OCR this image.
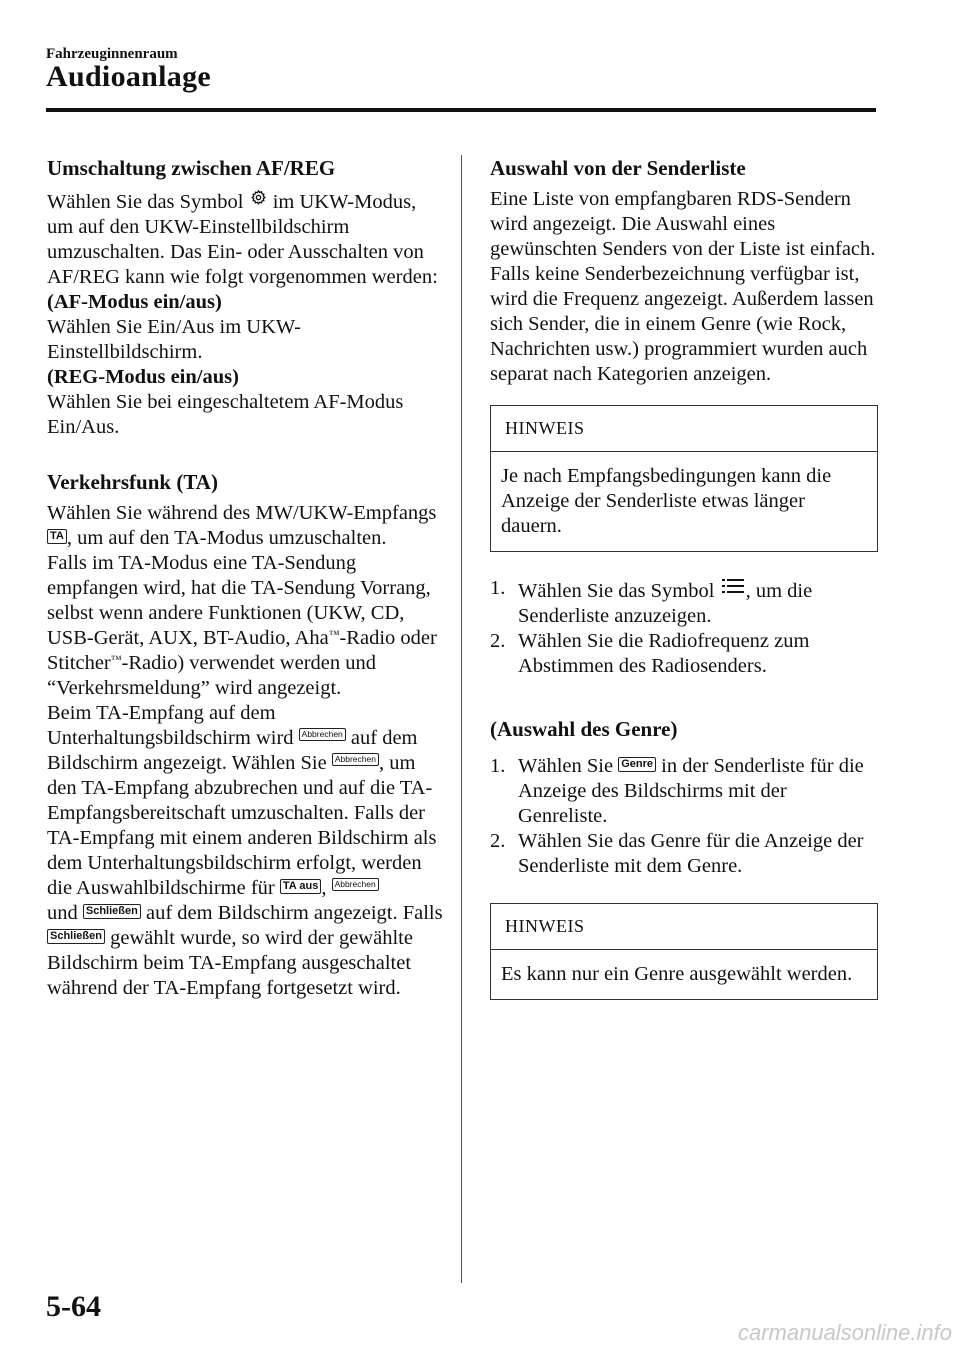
Fahrzeuginnenraum
Audioanlage
Umschaltung zwischen AF/REG
Wählen Sie das Symbol  im UKW-Modus, um auf den UKW-Einstellbildschirm umzuschalten. Das Ein- oder Ausschalten von AF/REG kann wie folgt vorgenommen werden:
(AF-Modus ein/aus)
Wählen Sie Ein/Aus im UKW-Einstellbildschirm.
(REG-Modus ein/aus)
Wählen Sie bei eingeschaltetem AF-Modus Ein/Aus.
Verkehrsfunk (TA)
Wählen Sie während des MW/UKW-Empfangs TA , um auf den TA-Modus umzuschalten.
Falls im TA-Modus eine TA-Sendung empfangen wird, hat die TA-Sendung Vorrang, selbst wenn andere Funktionen (UKW, CD, USB-Gerät, AUX, BT-Audio, Aha™-Radio oder Stitcher™-Radio) verwendet werden und “Verkehrsmeldung” wird angezeigt.
Beim TA-Empfang auf dem Unterhaltungsbildschirm wird Abbrechen auf dem Bildschirm angezeigt. Wählen Sie Abbrechen , um den TA-Empfang abzubrechen und auf die TA-Empfangsbereitschaft umzuschalten. Falls der TA-Empfang mit einem anderen Bildschirm als dem Unterhaltungsbildschirm erfolgt, werden die Auswahlbildschirme für TA aus , Abbrechen
und Schließen auf dem Bildschirm angezeigt. Falls Schließen gewählt wurde, so wird der gewählte Bildschirm beim TA-Empfang ausgeschaltet während der TA-Empfang fortgesetzt wird.
Auswahl von der Senderliste
Eine Liste von empfangbaren RDS-Sendern wird angezeigt. Die Auswahl eines gewünschten Senders von der Liste ist einfach. Falls keine Senderbezeichnung verfügbar ist, wird die Frequenz angezeigt. Außerdem lassen sich Sender, die in einem Genre (wie Rock, Nachrichten usw.) programmiert wurden auch separat nach Kategorien anzeigen.
HINWEIS
Je nach Empfangsbedingungen kann die Anzeige der Senderliste etwas länger dauern.
1. Wählen Sie das Symbol , um die Senderliste anzuzeigen.
2. Wählen Sie die Radiofrequenz zum Abstimmen des Radiosenders.
(Auswahl des Genre)
1. Wählen Sie Genre in der Senderliste für die Anzeige des Bildschirms mit der Genreliste.
2. Wählen Sie das Genre für die Anzeige der Senderliste mit dem Genre.
HINWEIS
Es kann nur ein Genre ausgewählt werden.
5-64
carmanualsonline.info
